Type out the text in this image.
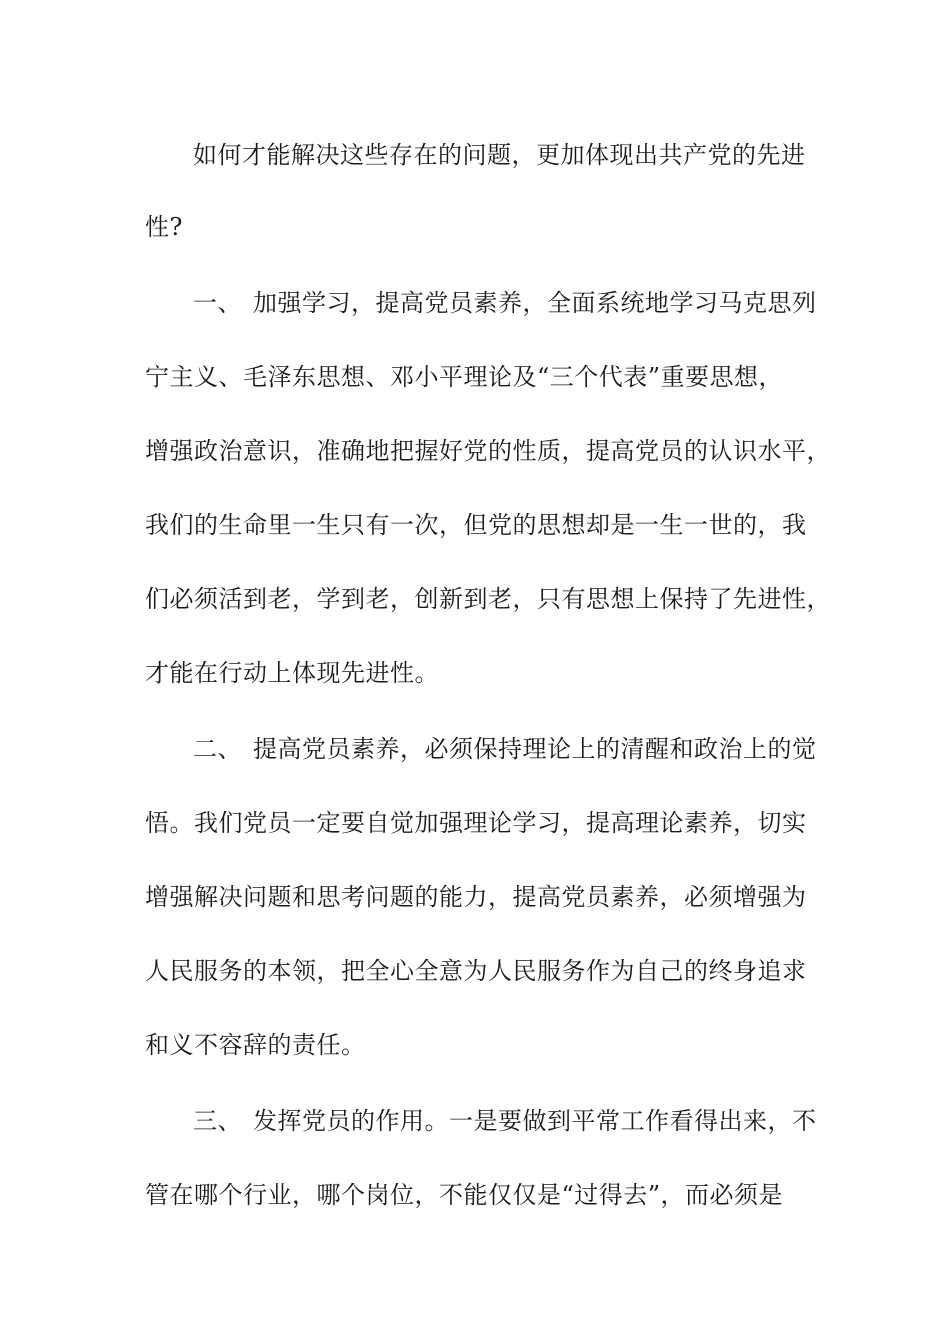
如何才能解决这些存在的问题，更加体现出共产党的先进
性?
一、 加强学习，提高党员素养，全面系统地学习马克思列
宁主义、毛泽东思想、邓小平理论及“三个代表”重要思想，
增强政治意识，准确地把握好党的性质，提高党员的认识水平，
我们的生命里一生只有一次，但党的思想却是一生一世的，我
们必须活到老，学到老，创新到老，只有思想上保持了先进性，
才能在行动上体现先进性。
二、 提高党员素养，必须保持理论上的清醒和政治上的觉
悟。我们党员一定要自觉加强理论学习，提高理论素养，切实
增强解决问题和思考问题的能力，提高党员素养，必须增强为
人民服务的本领，把全心全意为人民服务作为自己的终身追求
和义不容辞的责任。
三、 发挥党员的作用。一是要做到平常工作看得出来，不
管在哪个行业，哪个岗位，不能仅仅是“过得去”，而必须是
